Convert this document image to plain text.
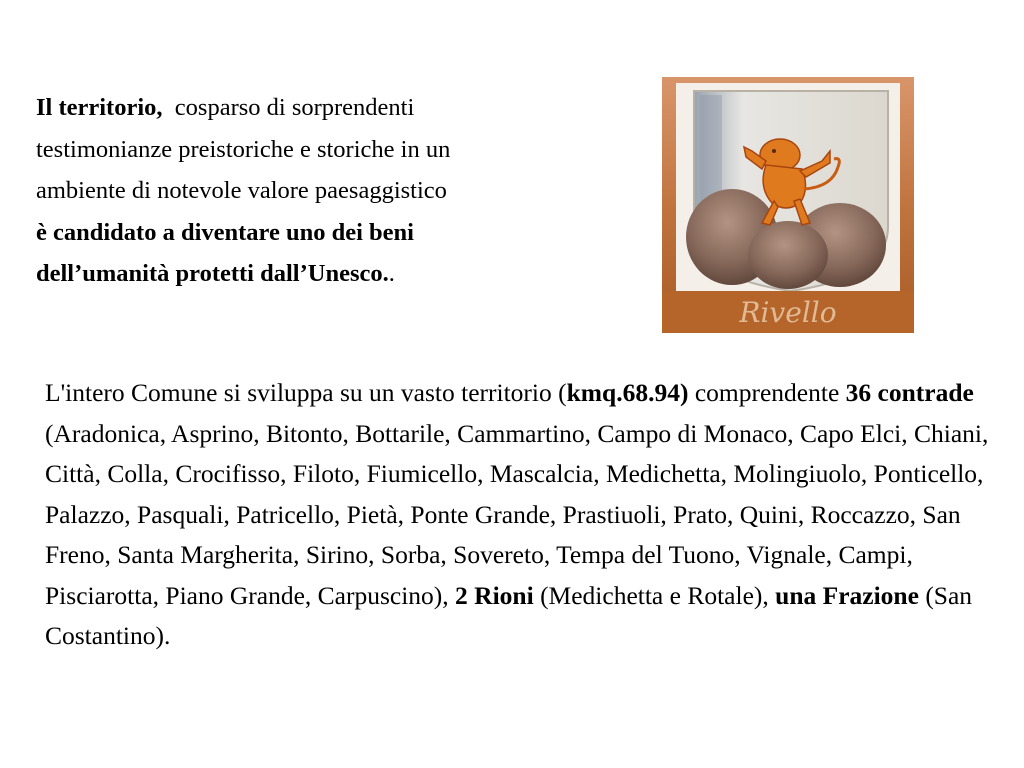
Il territorio, cosparso di sorprendenti
testimonianze preistoriche e storiche in un
ambiente di notevole valore paesaggistico
è candidato a diventare uno dei beni
dell’umanità protetti dall’Unesco..
Rivello
L'intero Comune si sviluppa su un vasto territorio (kmq.68.94) comprendente 36 contrade (Aradonica, Asprino, Bitonto, Bottarile, Cammartino, Campo di Monaco, Capo Elci, Chiani, Città, Colla, Crocifisso, Filoto, Fiumicello, Mascalcia, Medichetta, Molingiuolo, Ponticello, Palazzo, Pasquali, Patricello, Pietà, Ponte Grande, Prastiuoli, Prato, Quini, Roccazzo, San Freno, Santa Margherita, Sirino, Sorba, Sovereto, Tempa del Tuono, Vignale, Campi, Pisciarotta, Piano Grande, Carpuscino), 2 Rioni (Medichetta e Rotale), una Frazione (San Costantino).
